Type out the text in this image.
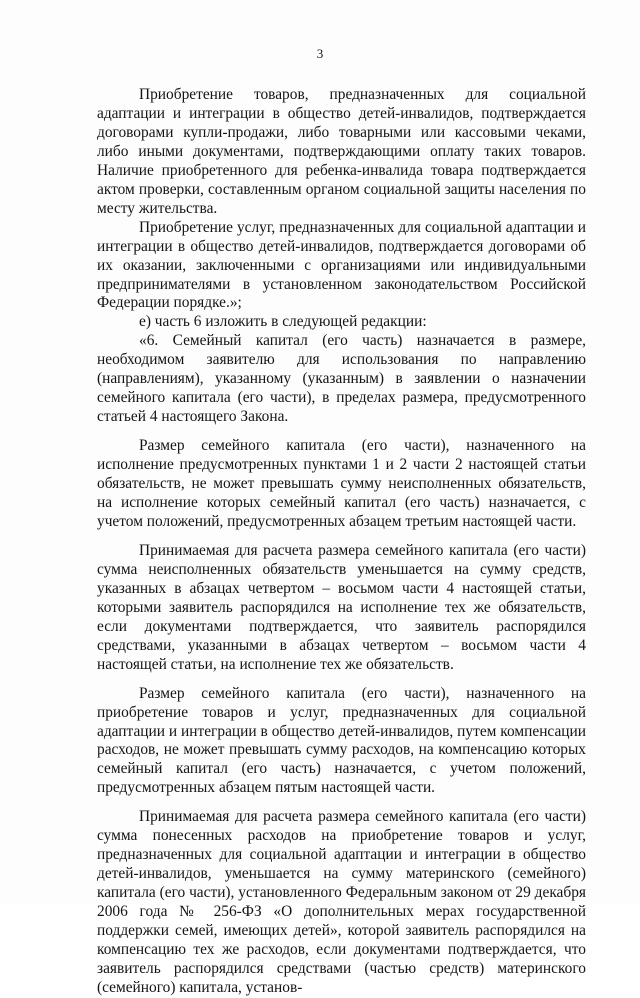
3

Приобретение товаров, предназначенных для социальной адаптации и интеграции в общество детей-инвалидов, подтверждается договорами купли-продажи, либо товарными или кассовыми чеками, либо иными документами, подтверждающими оплату таких товаров. Наличие приобретенного для ребенка-инвалида товара подтверждается актом проверки, составленным органом социальной защиты населения по месту жительства.

Приобретение услуг, предназначенных для социальной адаптации и интеграции в общество детей-инвалидов, подтверждается договорами об их оказании, заключенными с организациями или индивидуальными предпринимателями в установленном законодательством Российской Федерации порядке.»;

е) часть 6 изложить в следующей редакции:

«6. Семейный капитал (его часть) назначается в размере, необходимом заявителю для использования по направлению (направлениям), указанному (указанным) в заявлении о назначении семейного капитала (его части), в пределах размера, предусмотренного статьей 4 настоящего Закона.

Размер семейного капитала (его части), назначенного на исполнение предусмотренных пунктами 1 и 2 части 2 настоящей статьи обязательств, не может превышать сумму неисполненных обязательств, на исполнение которых семейный капитал (его часть) назначается, с учетом положений, предусмотренных абзацем третьим настоящей части.

Принимаемая для расчета размера семейного капитала (его части) сумма неисполненных обязательств уменьшается на сумму средств, указанных в абзацах четвертом – восьмом части 4 настоящей статьи, которыми заявитель распорядился на исполнение тех же обязательств, если документами подтверждается, что заявитель распорядился средствами, указанными в абзацах четвертом – восьмом части 4 настоящей статьи, на исполнение тех же обязательств.

Размер семейного капитала (его части), назначенного на приобретение товаров и услуг, предназначенных для социальной адаптации и интеграции в общество детей-инвалидов, путем компенсации расходов, не может превышать сумму расходов, на компенсацию которых семейный капитал (его часть) назначается, с учетом положений, предусмотренных абзацем пятым настоящей части.

Принимаемая для расчета размера семейного капитала (его части) сумма понесенных расходов на приобретение товаров и услуг, предназначенных для социальной адаптации и интеграции в общество детей-инвалидов, уменьшается на сумму материнского (семейного) капитала (его части), установленного Федеральным законом от 29 декабря 2006 года № 256-ФЗ «О дополнительных мерах государственной поддержки семей, имеющих детей», которой заявитель распорядился на компенсацию тех же расходов, если документами подтверждается, что заявитель распорядился средствами (частью средств) материнского (семейного) капитала, установ-
